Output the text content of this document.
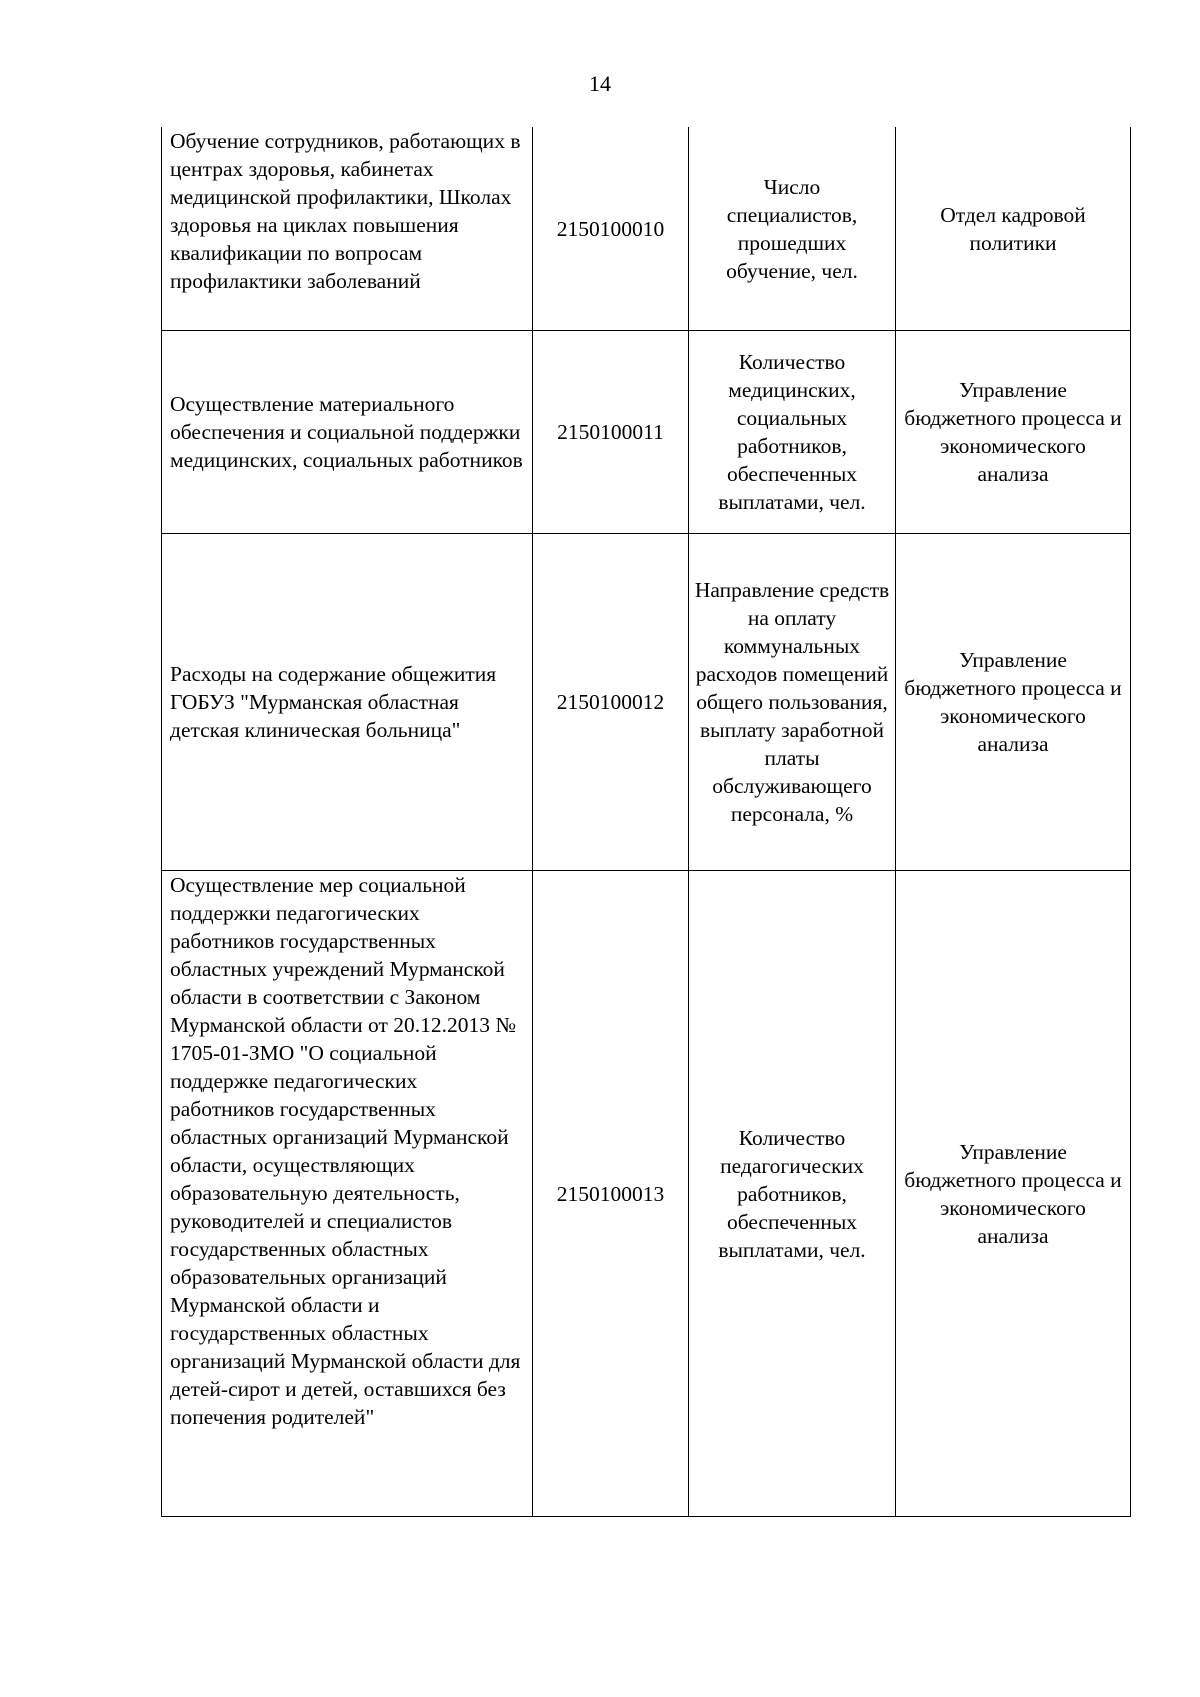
14
Обучение сотрудников, работающих в центрах здоровья, кабинетах медицинской профилактики, Школах здоровья на циклах повышения квалификации по вопросам профилактики заболеваний	2150100010	Число специалистов, прошедших обучение, чел.	Отдел кадровой политики
Осуществление материального обеспечения и социальной поддержки медицинских, социальных работников	2150100011	Количество медицинских, социальных работников, обеспеченных выплатами, чел.	Управление бюджетного процесса и экономического анализа
Расходы на содержание общежития ГОБУЗ "Мурманская областная детская клиническая больница"	2150100012	Направление средств на оплату коммунальных расходов помещений общего пользования, выплату заработной платы обслуживающего персонала, %	Управление бюджетного процесса и экономического анализа
Осуществление мер социальной поддержки педагогических работников государственных областных учреждений Мурманской области в соответствии с Законом Мурманской области от 20.12.2013 № 1705-01-ЗМО "О социальной поддержке педагогических работников государственных областных организаций Мурманской области, осуществляющих образовательную деятельность, руководителей и специалистов государственных областных образовательных организаций Мурманской области и государственных областных организаций Мурманской области для детей-сирот и детей, оставшихся без попечения родителей"	2150100013	Количество педагогических работников, обеспеченных выплатами, чел.	Управление бюджетного процесса и экономического анализа
